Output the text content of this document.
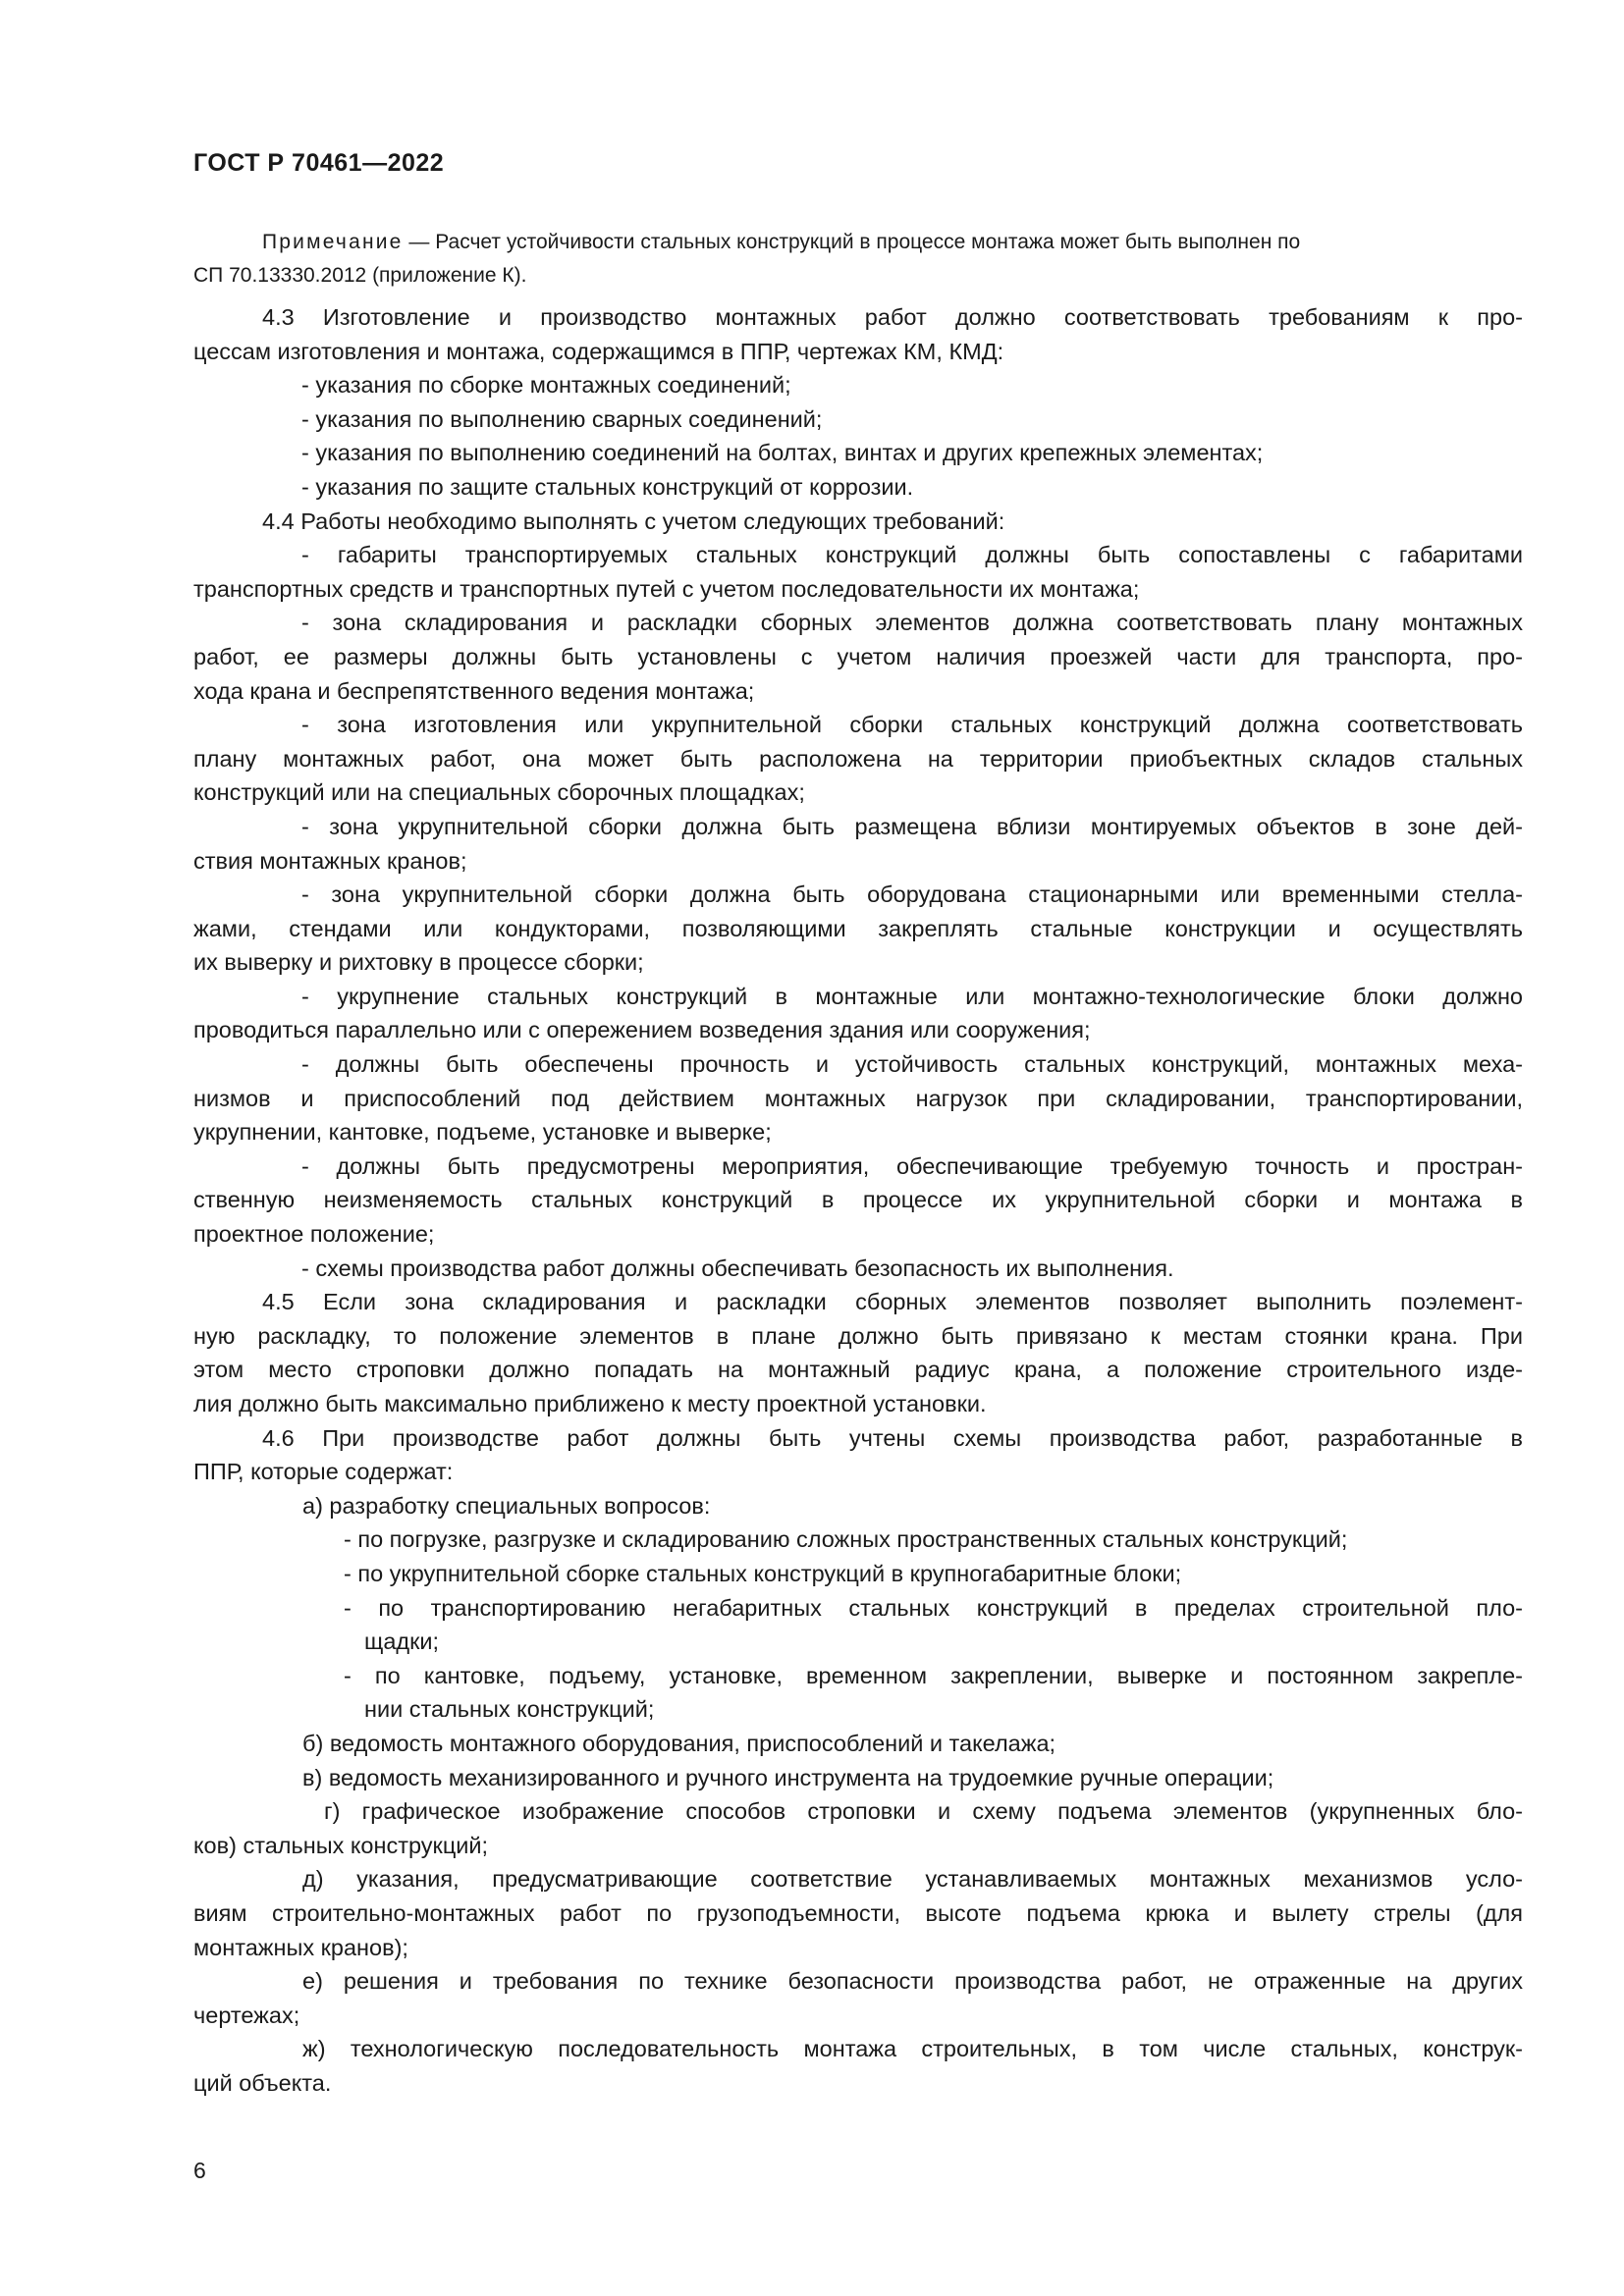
ГОСТ Р 70461—2022
Примечание — Расчет устойчивости стальных конструкций в процессе монтажа может быть выполнен по
СП 70.13330.2012 (приложение К).
4.3 Изготовление и производство монтажных работ должно соответствовать требованиям к про-
цессам изготовления и монтажа, содержащимся в ППР, чертежах КМ, КМД:
- указания по сборке монтажных соединений;
- указания по выполнению сварных соединений;
- указания по выполнению соединений на болтах, винтах и других крепежных элементах;
- указания по защите стальных конструкций от коррозии.
4.4 Работы необходимо выполнять с учетом следующих требований:
- габариты транспортируемых стальных конструкций должны быть сопоставлены с габаритами
транспортных средств и транспортных путей с учетом последовательности их монтажа;
- зона складирования и раскладки сборных элементов должна соответствовать плану монтажных
работ, ее размеры должны быть установлены с учетом наличия проезжей части для транспорта, про-
хода крана и беспрепятственного ведения монтажа;
- зона изготовления или укрупнительной сборки стальных конструкций должна соответствовать
плану монтажных работ, она может быть расположена на территории приобъектных складов стальных
конструкций или на специальных сборочных площадках;
- зона укрупнительной сборки должна быть размещена вблизи монтируемых объектов в зоне дей-
ствия монтажных кранов;
- зона укрупнительной сборки должна быть оборудована стационарными или временными стелла-
жами, стендами или кондукторами, позволяющими закреплять стальные конструкции и осуществлять
их выверку и рихтовку в процессе сборки;
- укрупнение стальных конструкций в монтажные или монтажно-технологические блоки должно
проводиться параллельно или с опережением возведения здания или сооружения;
- должны быть обеспечены прочность и устойчивость стальных конструкций, монтажных меха-
низмов и приспособлений под действием монтажных нагрузок при складировании, транспортировании,
укрупнении, кантовке, подъеме, установке и выверке;
- должны быть предусмотрены мероприятия, обеспечивающие требуемую точность и простран-
ственную неизменяемость стальных конструкций в процессе их укрупнительной сборки и монтажа в
проектное положение;
- схемы производства работ должны обеспечивать безопасность их выполнения.
4.5 Если зона складирования и раскладки сборных элементов позволяет выполнить поэлемент-
ную раскладку, то положение элементов в плане должно быть привязано к местам стоянки крана. При
этом место строповки должно попадать на монтажный радиус крана, а положение строительного изде-
лия должно быть максимально приближено к месту проектной установки.
4.6 При производстве работ должны быть учтены схемы производства работ, разработанные в
ППР, которые содержат:
а) разработку специальных вопросов:
- по погрузке, разгрузке и складированию сложных пространственных стальных конструкций;
- по укрупнительной сборке стальных конструкций в крупногабаритные блоки;
- по транспортированию негабаритных стальных конструкций в пределах строительной пло-
щадки;
- по кантовке, подъему, установке, временном закреплении, выверке и постоянном закрепле-
нии стальных конструкций;
б) ведомость монтажного оборудования, приспособлений и такелажа;
в) ведомость механизированного и ручного инструмента на трудоемкие ручные операции;
г) графическое изображение способов строповки и схему подъема элементов (укрупненных бло-
ков) стальных конструкций;
д) указания, предусматривающие соответствие устанавливаемых монтажных механизмов усло-
виям строительно-монтажных работ по грузоподъемности, высоте подъема крюка и вылету стрелы (для
монтажных кранов);
е) решения и требования по технике безопасности производства работ, не отраженные на других
чертежах;
ж) технологическую последовательность монтажа строительных, в том числе стальных, конструк-
ций объекта.
6
